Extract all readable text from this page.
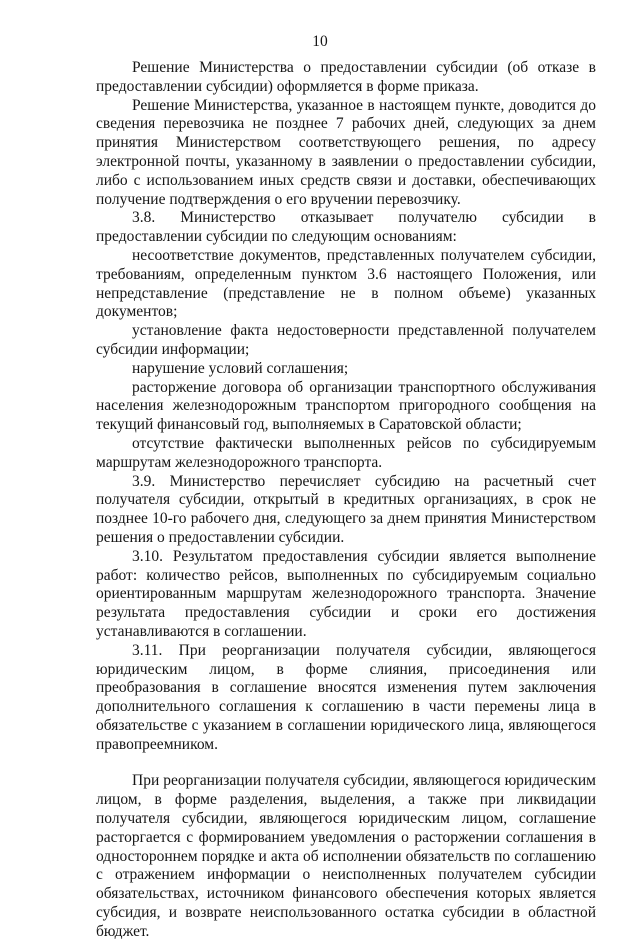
10

Решение Министерства о предоставлении субсидии (об отказе в предоставлении субсидии) оформляется в форме приказа.

Решение Министерства, указанное в настоящем пункте, доводится до сведения перевозчика не позднее 7 рабочих дней, следующих за днем принятия Министерством соответствующего решения, по адресу электронной почты, указанному в заявлении о предоставлении субсидии, либо с использованием иных средств связи и доставки, обеспечивающих получение подтверждения о его вручении перевозчику.

3.8. Министерство отказывает получателю субсидии в предоставлении субсидии по следующим основаниям:

несоответствие документов, представленных получателем субсидии, требованиям, определенным пунктом 3.6 настоящего Положения, или непредставление (представление не в полном объеме) указанных документов;

установление факта недостоверности представленной получателем субсидии информации;

нарушение условий соглашения;

расторжение договора об организации транспортного обслуживания населения железнодорожным транспортом пригородного сообщения на текущий финансовый год, выполняемых в Саратовской области;

отсутствие фактически выполненных рейсов по субсидируемым маршрутам железнодорожного транспорта.

3.9. Министерство перечисляет субсидию на расчетный счет получателя субсидии, открытый в кредитных организациях, в срок не позднее 10-го рабочего дня, следующего за днем принятия Министерством решения о предоставлении субсидии.

3.10. Результатом предоставления субсидии является выполнение работ: количество рейсов, выполненных по субсидируемым социально ориентированным маршрутам железнодорожного транспорта. Значение результата предоставления субсидии и сроки его достижения устанавливаются в соглашении.

3.11. При реорганизации получателя субсидии, являющегося юридическим лицом, в форме слияния, присоединения или преобразования в соглашение вносятся изменения путем заключения дополнительного соглашения к соглашению в части перемены лица в обязательстве с указанием в соглашении юридического лица, являющегося правопреемником.

При реорганизации получателя субсидии, являющегося юридическим лицом, в форме разделения, выделения, а также при ликвидации получателя субсидии, являющегося юридическим лицом, соглашение расторгается с формированием уведомления о расторжении соглашения в одностороннем порядке и акта об исполнении обязательств по соглашению с отражением информации о неисполненных получателем субсидии обязательствах, источником финансового обеспечения которых является субсидия, и возврате неиспользованного остатка субсидии в областной бюджет.
